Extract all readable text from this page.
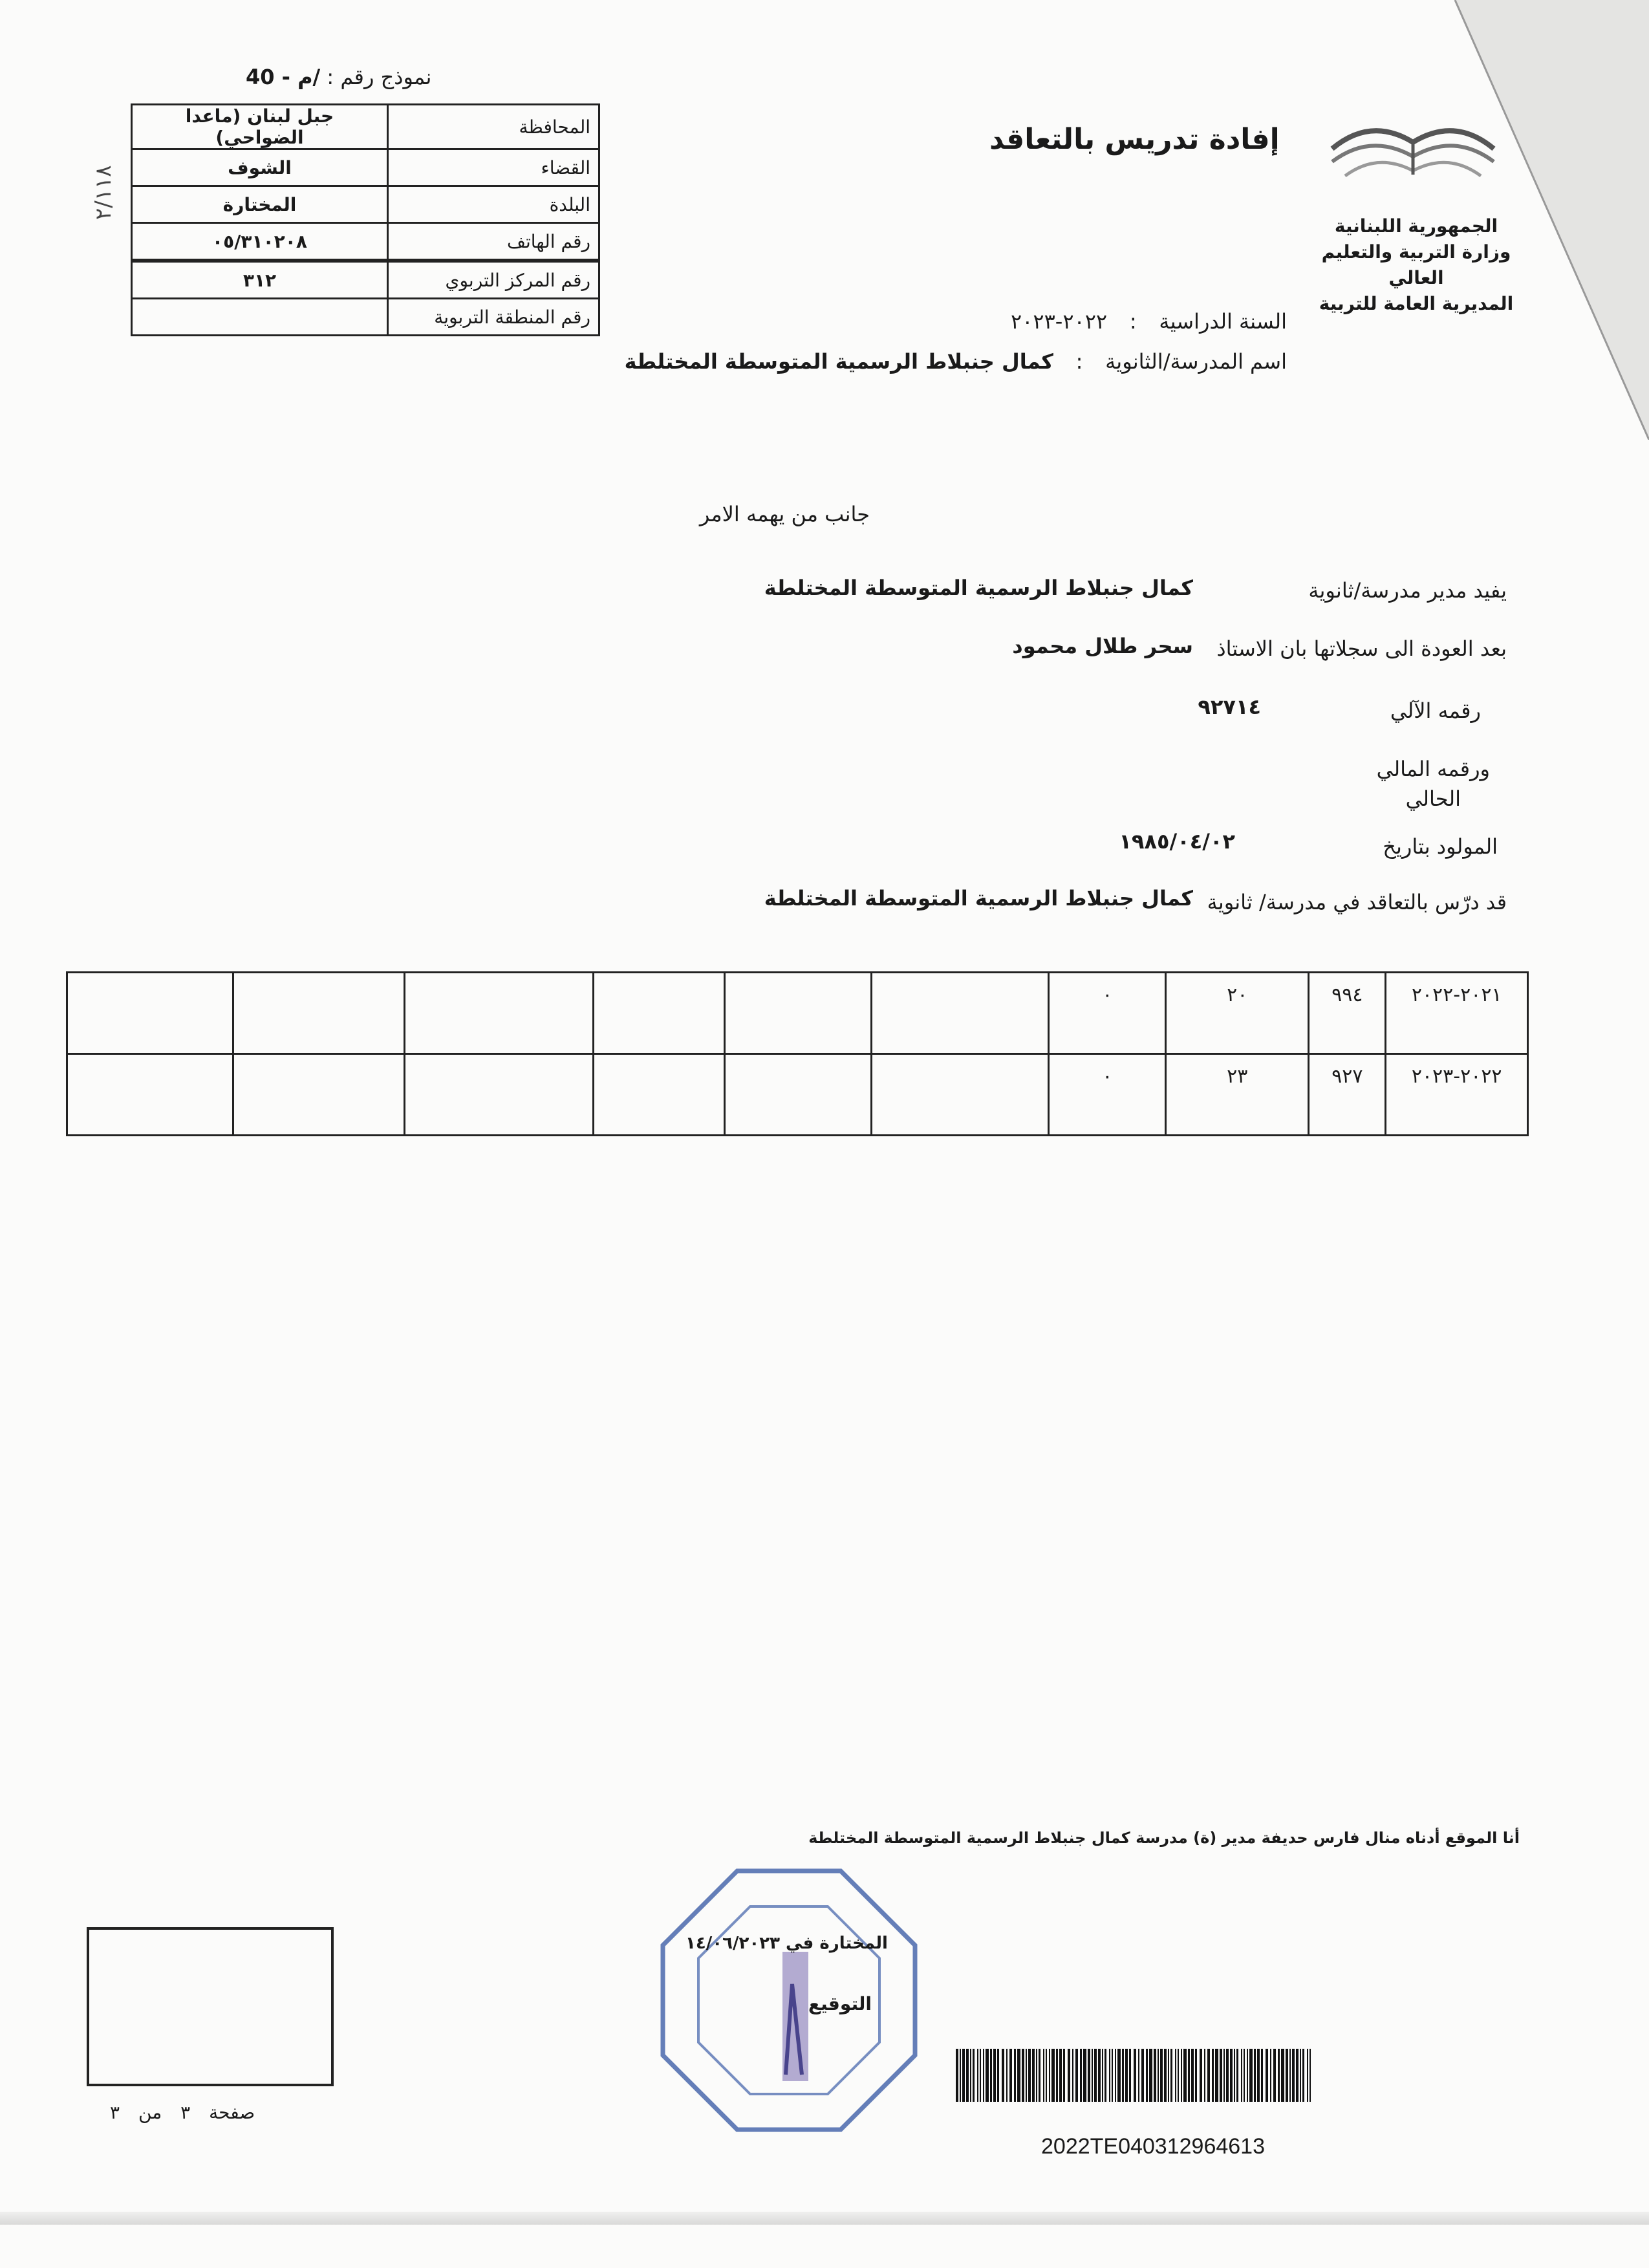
نموذج رقم : /م - 40
٢/١١٨
المحافظة	جبل لبنان (ماعدا الضواحي)
القضاء	الشوف
البلدة	المختارة
رقم الهاتف	٠٥/٣١٠٢٠٨
رقم المركز التربوي	٣١٢
رقم المنطقة التربوية	
الجمهورية اللبنانية
وزارة التربية والتعليم العالي
المديرية العامة للتربية
إفادة تدريس بالتعاقد
السنة الدراسية : ٢٠٢٢-٢٠٢٣
اسم المدرسة/الثانوية : كمال جنبلاط الرسمية المتوسطة المختلطة
جانب من يهمه الامر
يفيد مدير مدرسة/ثانوية
كمال جنبلاط الرسمية المتوسطة المختلطة
بعد العودة الى سجلاتها بان الاستاذ
سحر طلال محمود
رقمه الآلي
٩٢٧١٤
ورقمه المالي
الحالي
المولود بتاريخ
١٩٨٥/٠٤/٠٢
قد درّس بالتعاقد في مدرسة/ ثانوية
كمال جنبلاط الرسمية المتوسطة المختلطة
٢٠٢١-٢٠٢٢	٩٩٤	٢٠	٠						
٢٠٢٢-٢٠٢٣	٩٢٧	٢٣	٠						
أنا الموقع أدناه منال فارس حديفة مدير (ة) مدرسة كمال جنبلاط الرسمية المتوسطة المختلطة
المختارة في ١٤/٠٦/٢٠٢٣
التوقيع
صفحة ٣ من ٣
2022TE040312964613
